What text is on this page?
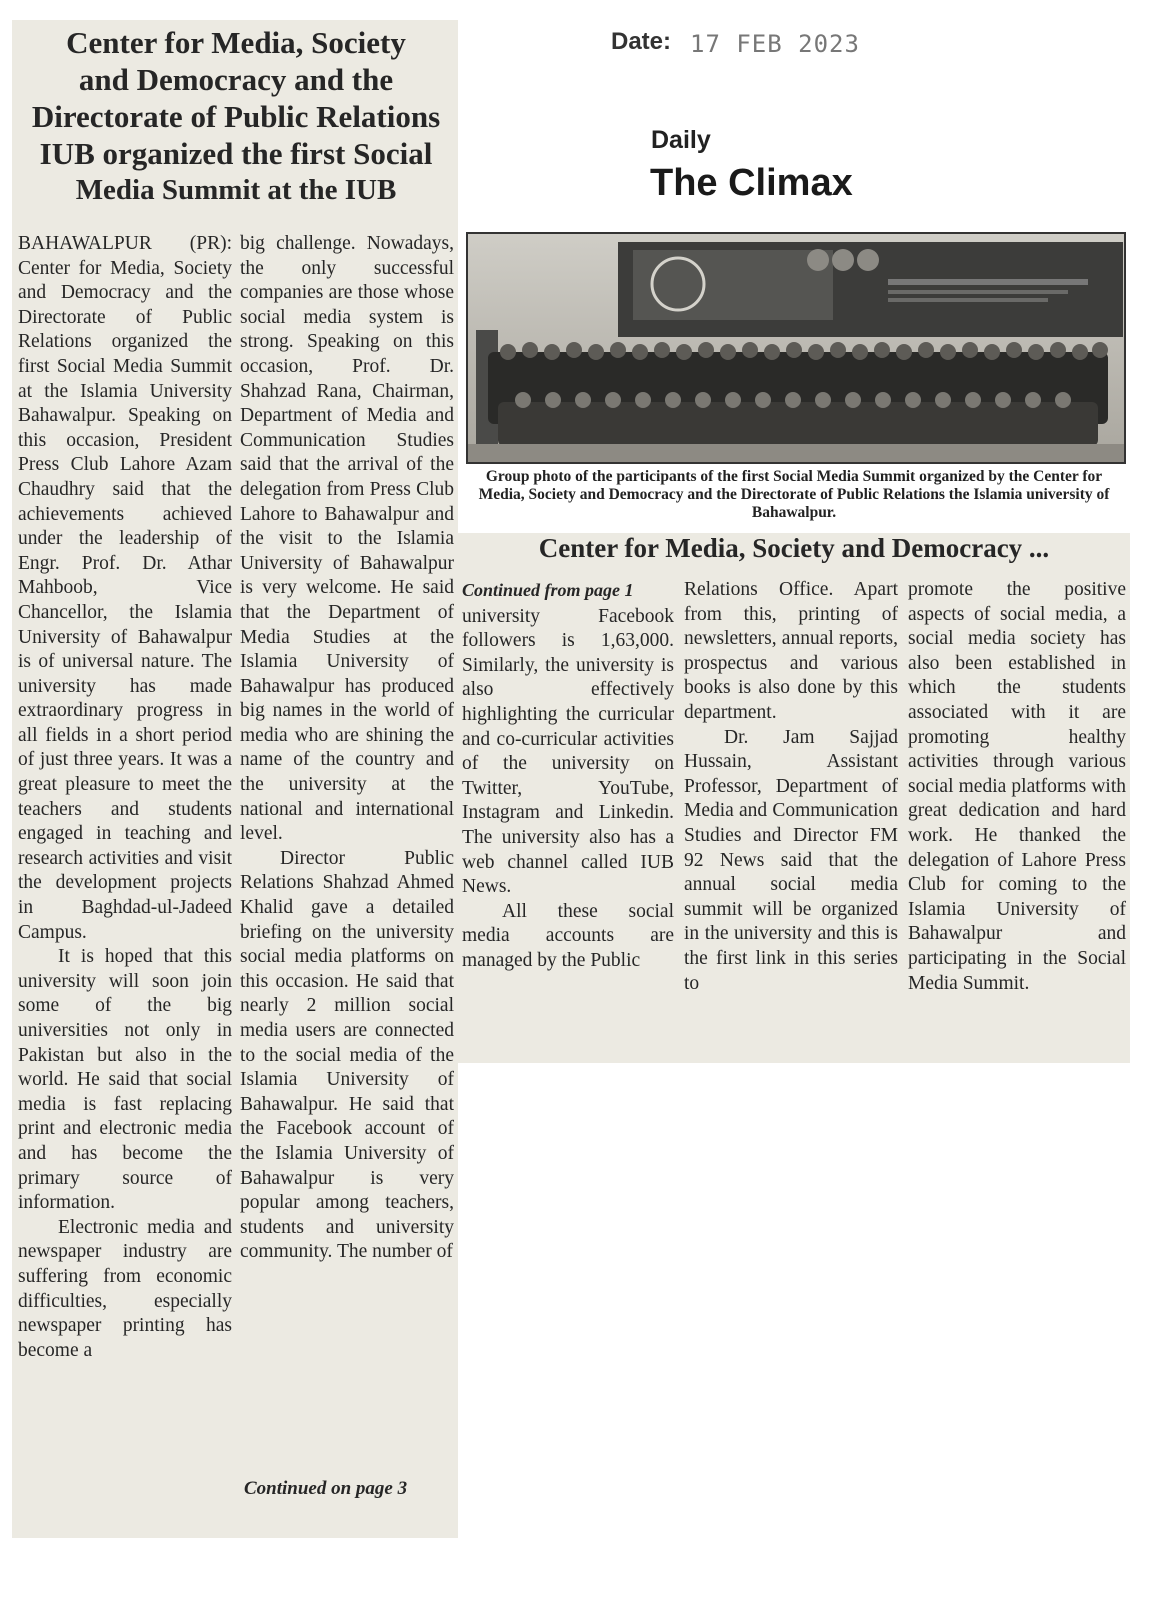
Date: 17 FEB 2023
Daily
The Climax
Center for Media, Society
and Democracy and the
Directorate of Public Relations
IUB organized the first Social
Media Summit at the IUB

BAHAWALPUR (PR): Center for Media, Society and Democracy and the Directorate of Public Relations organized the first Social Media Summit at the Islamia University Bahawalpur. Speaking on this occasion, President Press Club Lahore Azam Chaudhry said that the achievements achieved under the leadership of Engr. Prof. Dr. Athar Mahboob, Vice Chancellor, the Islamia University of Bahawalpur is of universal nature. The university has made extraordinary progress in all fields in a short period of just three years. It was a great pleasure to meet the teachers and students engaged in teaching and research activities and visit the development projects in Baghdad-ul-Jadeed Campus.

It is hoped that this university will soon join some of the big universities not only in Pakistan but also in the world. He said that social media is fast replacing print and electronic media and has become the primary source of information.

Electronic media and newspaper industry are suffering from economic difficulties, especially newspaper printing has become a

big challenge. Nowadays, the only successful companies are those whose social media system is strong. Speaking on this occasion, Prof. Dr. Shahzad Rana, Chairman, Department of Media and Communication Studies said that the arrival of the delegation from Press Club Lahore to Bahawalpur and the visit to the Islamia University of Bahawalpur is very welcome. He said that the Department of Media Studies at the Islamia University of Bahawalpur has produced big names in the world of media who are shining the name of the country and the university at the national and international level.

Director Public Relations Shahzad Ahmed Khalid gave a detailed briefing on the university social media platforms on this occasion. He said that nearly 2 million social media users are connected to the social media of the Islamia University of Bahawalpur. He said that the Facebook account of the Islamia University of Bahawalpur is very popular among teachers, students and university community. The number of

Continued on page 3
Group photo of the participants of the first Social Media Summit organized by the Center for Media, Society and Democracy and the Directorate of Public Relations the Islamia university of Bahawalpur.
Center for Media, Society and Democracy ...
Continued from page 1

university Facebook followers is 1,63,000. Similarly, the university is also effectively highlighting the curricular and co-curricular activities of the university on Twitter, YouTube, Instagram and Linkedin. The university also has a web channel called IUB News.

All these social media accounts are managed by the Public

Relations Office. Apart from this, printing of newsletters, annual reports, prospectus and various books is also done by this department.

Dr. Jam Sajjad Hussain, Assistant Professor, Department of Media and Communication Studies and Director FM 92 News said that the annual social media summit will be organized in the university and this is the first link in this series to

promote the positive aspects of social media, a social media society has also been established in which the students associated with it are promoting healthy activities through various social media platforms with great dedication and hard work. He thanked the delegation of Lahore Press Club for coming to the Islamia University of Bahawalpur and participating in the Social Media Summit.
